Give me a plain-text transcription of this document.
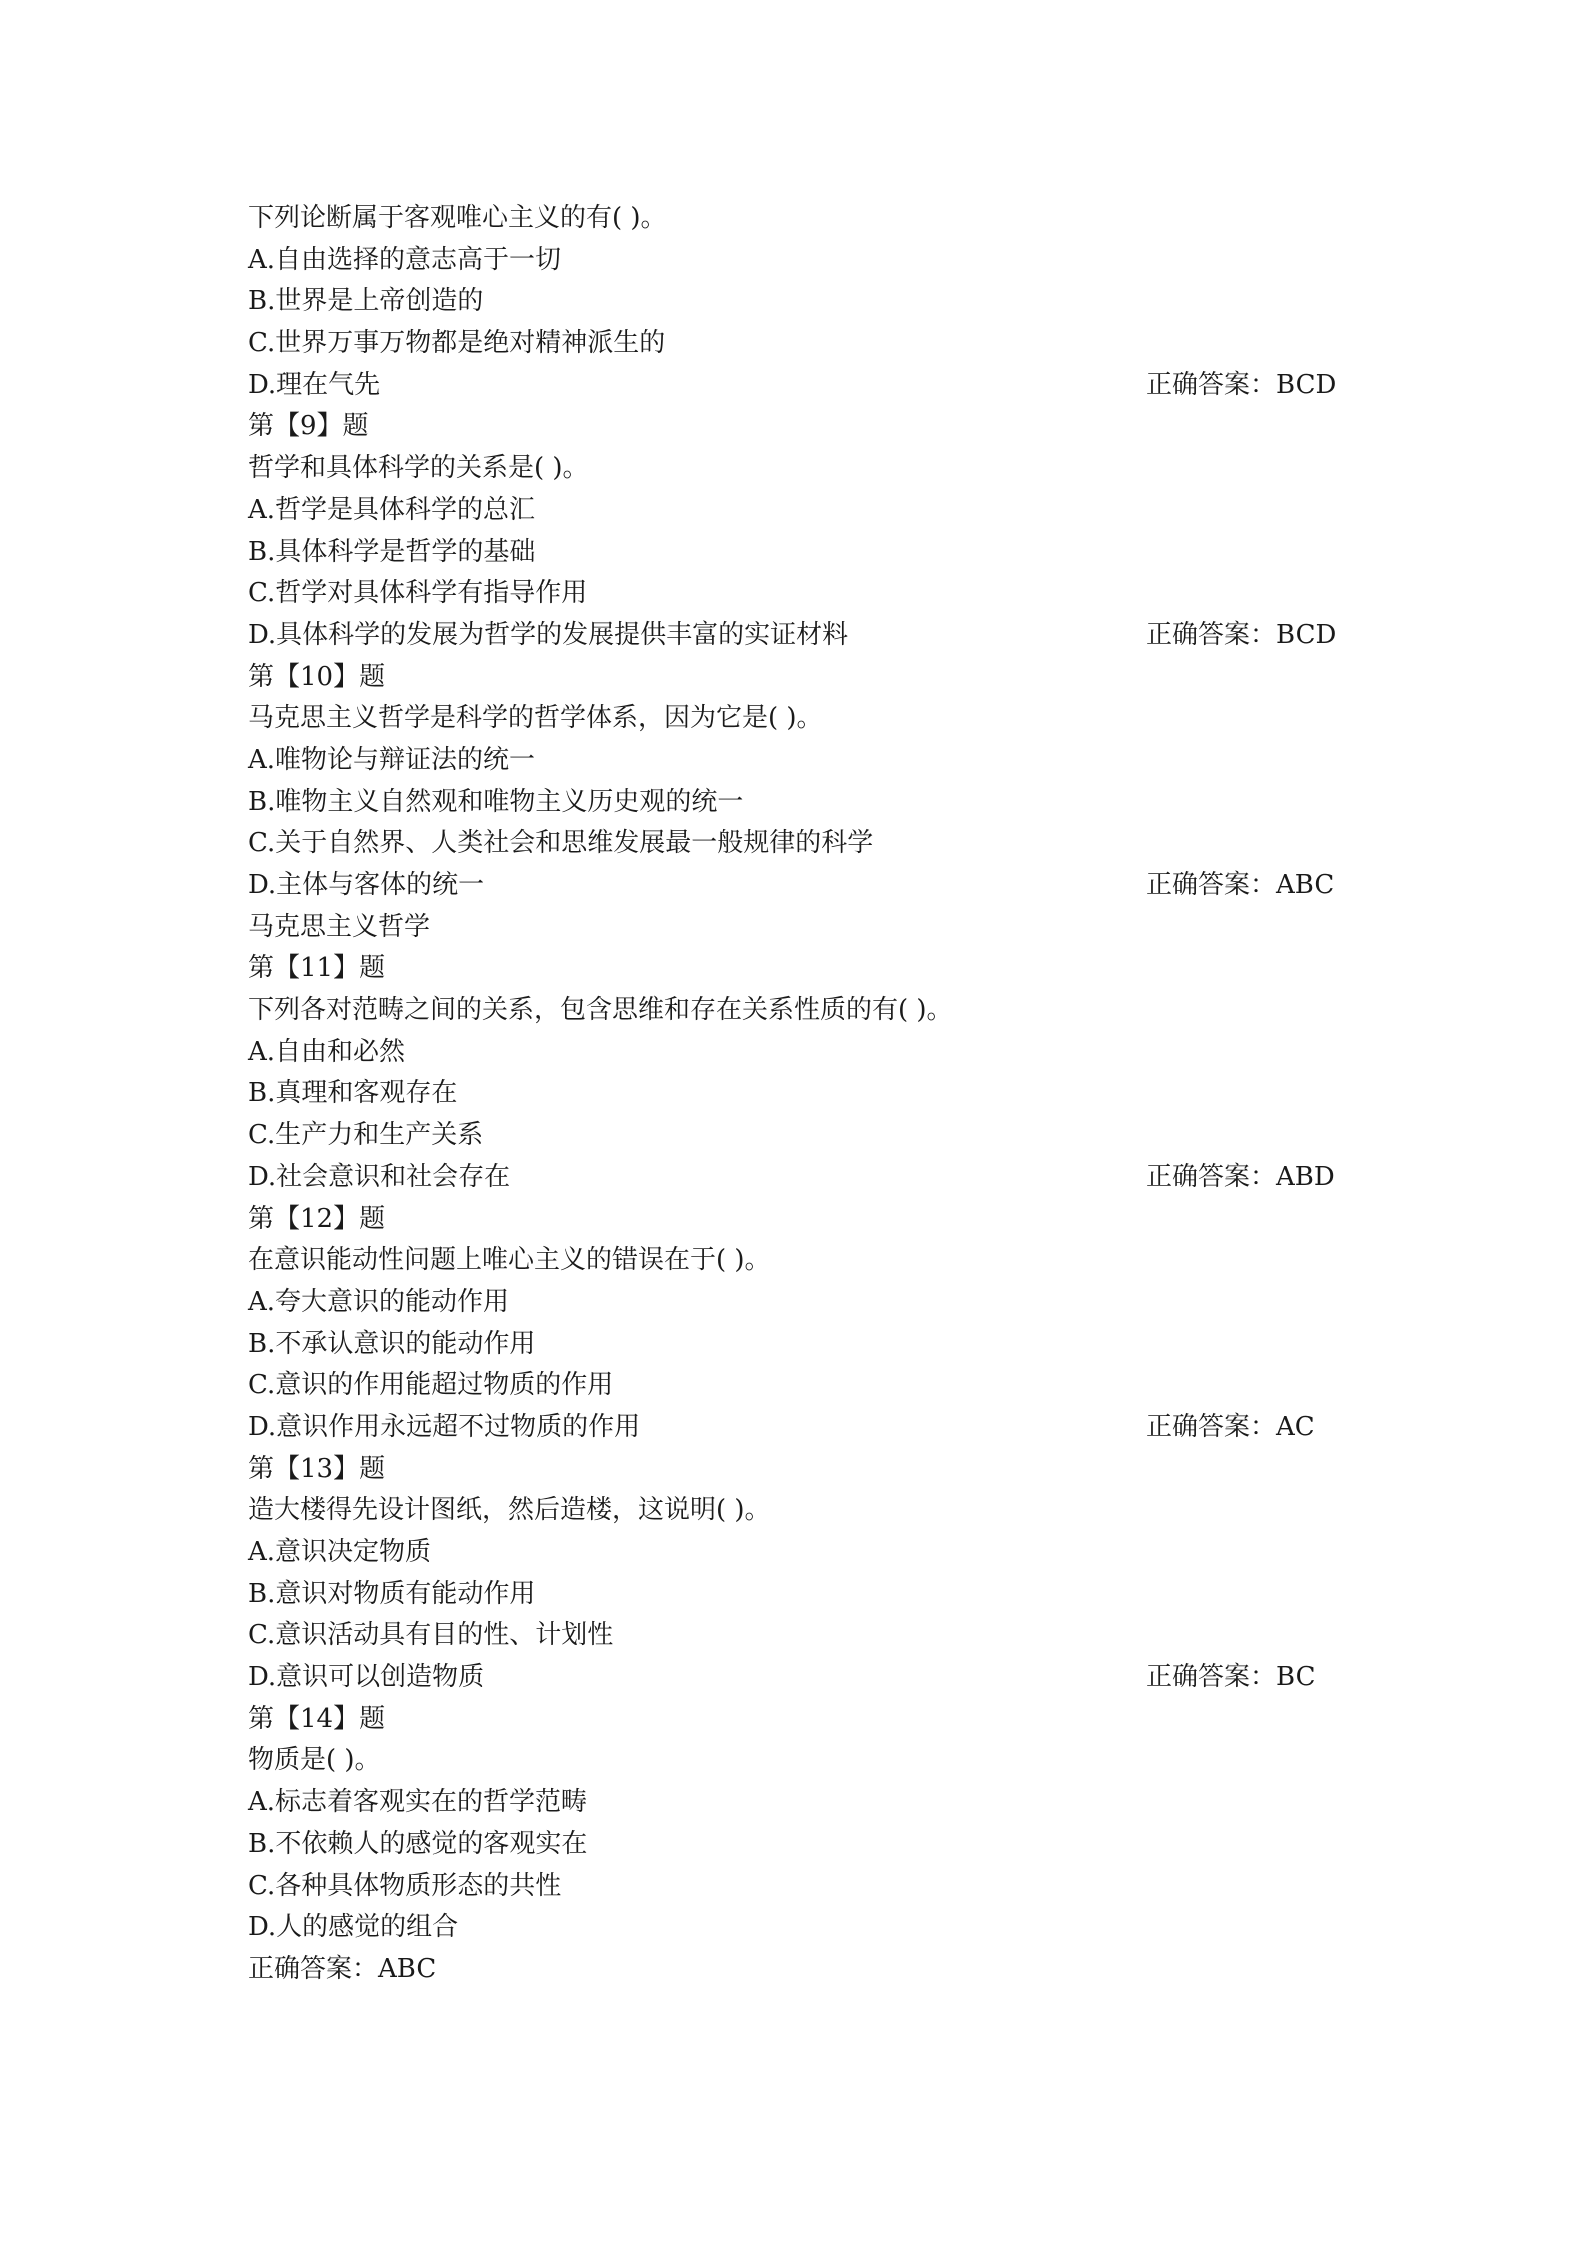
下列论断属于客观唯心主义的有( )。
A.自由选择的意志高于一切
B.世界是上帝创造的
C.世界万事万物都是绝对精神派生的
D.理在气先	正确答案：BCD
第【9】题
哲学和具体科学的关系是( )。
A.哲学是具体科学的总汇
B.具体科学是哲学的基础
C.哲学对具体科学有指导作用
D.具体科学的发展为哲学的发展提供丰富的实证材料	正确答案：BCD
第【10】题
马克思主义哲学是科学的哲学体系，因为它是( )。
A.唯物论与辩证法的统一
B.唯物主义自然观和唯物主义历史观的统一
C.关于自然界、人类社会和思维发展最一般规律的科学
D.主体与客体的统一	正确答案：ABC
马克思主义哲学
第【11】题
下列各对范畴之间的关系，包含思维和存在关系性质的有( )。
A.自由和必然
B.真理和客观存在
C.生产力和生产关系
D.社会意识和社会存在	正确答案：ABD
第【12】题
在意识能动性问题上唯心主义的错误在于( )。
A.夸大意识的能动作用
B.不承认意识的能动作用
C.意识的作用能超过物质的作用
D.意识作用永远超不过物质的作用	正确答案：AC
第【13】题
造大楼得先设计图纸，然后造楼，这说明( )。
A.意识决定物质
B.意识对物质有能动作用
C.意识活动具有目的性、计划性
D.意识可以创造物质	正确答案：BC
第【14】题
物质是( )。
A.标志着客观实在的哲学范畴
B.不依赖人的感觉的客观实在
C.各种具体物质形态的共性
D.人的感觉的组合
正确答案：ABC
